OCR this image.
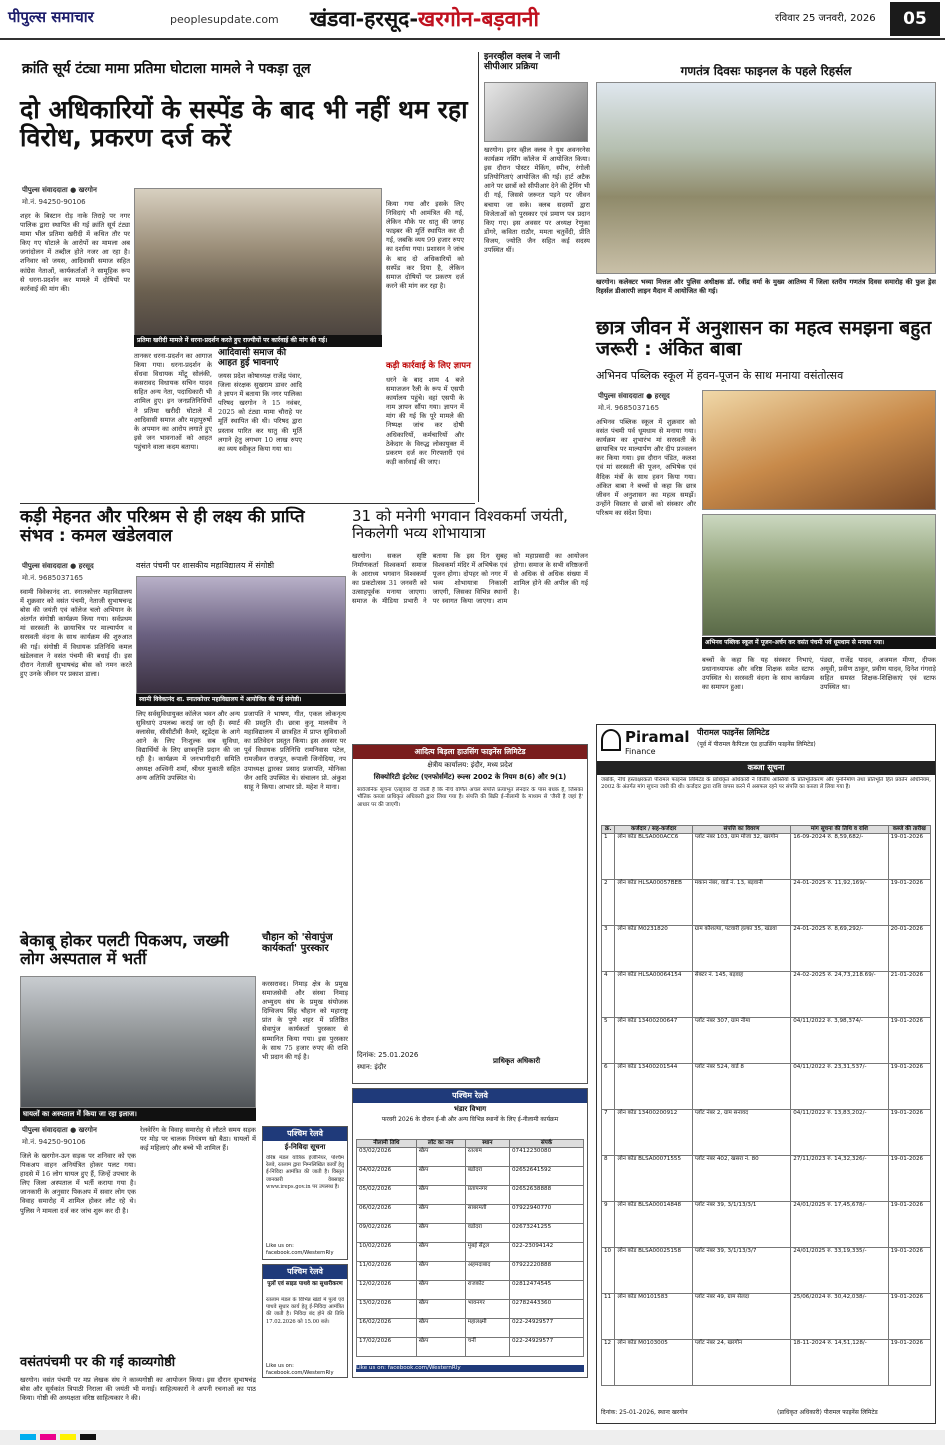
पीपुल्स समाचार	peoplesupdate.com खंडवा-हरसूद-खरगोन-बड़वानी	रविवार 25 जनवरी, 2026	05
क्रांति सूर्य टंट्या मामा प्रतिमा घोटाला मामले ने पकड़ा तूल
दो अधिकारियों के सस्पेंड के बाद भी नहीं थम रहा विरोध, प्रकरण दर्ज करें
पीपुल्स संवाददाता ● खरगोन
मो.नं. 94250-90106
शहर के बिस्टान रोड़ नाके तिराहे पर नगर पालिक द्वारा स्थापित की गई क्रांति सूर्य टंट्या मामा भील प्रतिमा खरीदी में कथित तौर पर किए गए घोटाले के आरोपों का मामला अब जनांदोलन में तब्दील होते नजर आ रहा है। शनिवार को जयस, आदिवासी समाज सहित कांग्रेस नेताओं, कार्यकर्ताओं ने सामूहिक रूप से धरना-प्रदर्शन कर मामले में दोषियों पर कार्रवाई की मांग की।
प्रतिमा खरीदी मामले में धरना-प्रदर्शन करते हुए राज्यीयों पर कार्रवाई की मांग की गई।
तानकर धरना-प्रदर्शन का आगाज किया गया। धरना-प्रदर्शन के सेंधवा विधायक मोंटू सोलंकी, कसरावद विधायक सचिन यादव सहित अन्य नेता, पदाधिकारी भी शामिल हुए। इन जनप्रतिनिधियों ने प्रतिमा खरीदी घोटाले में आदिवासी समाज और महापुरुषों के अपमान का आरोप लगाते हुए इसे जन भावनाओं को आहत पहुंचाने वाला कदम बताया।
आदिवासी समाज की आहत हुई भावनाएं
जयस प्रदेश कोषाध्यक्ष राजेंद्र पंवार, जिला संरक्षक सुखराम डावर आदि ने ज्ञापन में बताया कि नगर पालिका परिषद खरगोन ने 15 नवंबर, 2025 को टंट्या मामा चौराहे पर मूर्ति स्थापित की थी। परिषद द्वारा प्रस्ताव पारित कर घातु की मूर्ति लगाने हेतु लगभग 10 लाख रुपए का व्यय स्वीकृत किया गया था।
किया गया और इसके लिए निविदाएं भी आमंत्रित की गई, लेकिन मौके पर धातु की जगह फाइबर की मूर्ति स्थापित कर दी गई, जबकि व्यय 99 हजार रुपए का दर्शाया गया। प्रशासन ने जांच के बाद दो अधिकारियों को सस्पेंड कर दिया है, लेकिन समाज दोषियों पर प्रकरण दर्ज करने की मांग कर रहा है।
कड़ी कार्रवाई के लिए ज्ञापन
धरने के बाद शाम 4 बजे समाजजन रैली के रूप में एसपी कार्यालय पहुंचे। वहां एसपी के नाम ज्ञापन सौंपा गया। ज्ञापन में मांग की गई कि पूरे मामले की निष्पक्ष जांच कर दोषी अधिकारियों, कर्मचारियों और ठेकेदार के विरुद्ध लोकायुक्त में प्रकरण दर्ज कर गिरफ्तारी एवं कड़ी कार्रवाई की जाए।
इनरव्हील क्लब ने जानी सीपीआर प्रक्रिया
खरगोन। इनर व्हील क्लब ने युथ अवनरनेस कार्यक्रम नर्सिंग कॉलेज में आयोजित किया। इस दौरान पोस्टर मेकिंग, स्पीच, रंगोली प्रतियोगिताएं आयोजित की गईं। हार्ट अटैक आने पर छात्रों को सीपीआर देने की ट्रेनिंग भी दी गई, जिससे जरूरत पड़ने पर जीवन बचाया जा सके। क्लब सदस्यों द्वारा विजेताओं को पुरस्कार एवं प्रमाण पत्र प्रदान किए गए। इस अवसर पर अध्यक्ष रेणुका डोंगरे, कविता राठौर, ममता चतुर्वेदी, प्रीति विजय, ज्योति जैन सहित कई सदस्य उपस्थित थीं।
गणतंत्र दिवसः फाइनल के पहले रिहर्सल
खरगोन। कलेक्टर भव्या मित्तल और पुलिस अधीक्षक डॉ. रवींद्र वर्मा के मुख्य आतिथ्य में जिला स्तरीय गणतंत्र दिवस समारोह की फुल ड्रेस रिहर्सल डीआरपी लाइन मैदान में आयोजित की गई।
छात्र जीवन में अनुशासन का महत्व समझना बहुत जरूरी : अंकित बाबा
अभिनव पब्लिक स्कूल में हवन-पूजन के साथ मनाया वसंतोत्सव
पीपुल्स संवाददाता ● हरसूद
मो.नं. 9685037165
अभिनव पब्लिक स्कूल में शुक्रवार को वसंत पंचमी पर्व धूमधाम से मनाया गया। कार्यक्रम का शुभारंभ मां सरस्वती के छायाचित्र पर माल्यार्पण और दीप प्रज्वलन कर किया गया। इस दौरान पंडित, कलश एवं मां सरस्वती की पूजन, अभिषेक एवं वैदिक मंत्रों के साथ हवन किया गया। अंकित बाबा ने बच्चों से कहा कि छात्र जीवन में अनुशासन का महत्व समझें। उन्होंने विस्तार से छात्रों को संस्कार और परिश्रम का संदेश दिया।
अभिनव पब्लिक स्कूल में पूजन-अर्चन कर वसंत पंचमी पर्व धूमधाम से मनाया गया।
बच्चों के कहा कि यह संस्कार निभाएं, प्रधानाध्यापक और वरिष्ठ शिक्षक समेत स्टाफ उपस्थित थे। सरस्वती वंदना के साथ कार्यक्रम का समापन हुआ।
पंड्या, राजेंद्र यादव, अजमल मीणा, दीपक अयूवी, प्रवीण ठाकुर, प्रवीण यादव, दिनेश गंगराड़े सहित समस्त शिक्षक-शिक्षिकाएं एवं स्टाफ उपस्थित था।
कड़ी मेहनत और परिश्रम से ही लक्ष्य की प्राप्ति संभव : कमल खंडेलवाल
पीपुल्स संवाददाता ● हरसूद
मो.नं. 9685037165
वसंत पंचमी पर शासकीय महाविद्यालय में संगोष्ठी
स्वामी विवेकानंद शा. स्नातकोत्तर महाविद्यालय में आयोजित की गई संगोष्ठी।
स्वामी विवेकानंद शा. स्नातकोत्तर महाविद्यालय में शुक्रवार को वसंत पंचमी, नेताजी सुभाषचन्द्र बोस की जयंती एवं कॉलेज चलो अभियान के अंतर्गत संगोष्ठी कार्यक्रम किया गया। सर्वप्रथम मां सरस्वती के छायाचित्र पर माल्यार्पण व सरस्वती वंदना के साथ कार्यक्रम की शुरुआत की गई। संगोष्ठी में विधायक प्रतिनिधि कमल खंडेलवाल ने वसंत पंचमी की बधाई दी। इस दौरान नेताजी सुभाषचंद्र बोस को नमन करते हुए उनके जीवन पर प्रकाश डाला।
लिए सर्वसुविधायुक्त कॉलेज भवन और अन्य सुविधाएं उपलब्ध कराई जा रही हैं। स्मार्ट क्लासेस, सीसीटीवी कैमरे, स्टूडेंट्स के आगे आने के लिए निःशुल्क सब सुविधा, विद्यार्थियों के लिए छात्रवृत्ति प्रदान की जा रही है। कार्यक्रम में जनभागीदारी समिति अध्यक्ष अश्विनी शर्मा, श्रीधर मुकाती सहित अन्य अतिथि उपस्थित थे।
प्रजापति ने भाषण, गीत, एकल लोकनृत्य की प्रस्तुति दी। छात्रा कुनू मालवीय ने महाविद्यालय में छात्रहित में प्राप्त सुविधाओं का प्रतिवेदन प्रस्तुत किया। इस अवसर पर पूर्व विधायक प्रतिनिधि रामनिवास पटेल, रामजीवन राजपूत, रूपाली जिनोदिया, नप उपाध्यक्ष द्वारका प्रसाद प्रजापति, मोनिका जैन आदि उपस्थित थे। संचालन प्रो. अंकुश साहू ने किया। आभार प्रो. महेश ने माना।
31 को मनेगी भगवान विश्वकर्मा जयंती, निकलेगी भव्य शोभायात्रा
खरगोन। सकल सृष्टि निर्माणकर्ता विश्वकर्मा समाज के आराध्य भगवान विश्वकर्मा का प्रकटोत्सव 31 जनवरी को उत्साहपूर्वक मनाया जाएगा। समाज के मीडिया प्रभारी ने बताया कि इस दिन सुबह विश्वकर्मा मंदिर में अभिषेक एवं पूजन होगा। दोपहर को नगर में भव्य शोभायात्रा निकाली जाएगी, जिसका विभिन्न स्थानों पर स्वागत किया जाएगा। शाम को महाप्रसादी का आयोजन होगा। समाज के सभी वरिष्ठजनों से अधिक से अधिक संख्या में शामिल होने की अपील की गई है।
आदित्य बिड़ला हाउसिंग फाइनेंस लिमिटेड
क्षेत्रीय कार्यालय: इंदौर, मध्य प्रदेश
सिक्योरिटी इंटरेस्ट (एनफोर्समेंट) रूल्स 2002 के नियम 8(6) और 9(1)
सार्वजनिक सूचना एतद्द्वारा दी जाती है कि नीचे वर्णित अचल संपत्ति प्रत्याभूत लेनदार के पास बंधक है, जिसका भौतिक कब्जा प्राधिकृत अधिकारी द्वारा लिया गया है। संपत्ति की बिक्री ई-नीलामी के माध्यम से 'जैसी है जहां है' आधार पर की जाएगी।
दिनांक: 25.01.2026
स्थान: इंदौर
प्राधिकृत अधिकारी
बेकाबू होकर पलटी पिकअप, जख्मी लोग अस्पताल में भर्ती
घायलों का अस्पताल में किया जा रहा इलाज।
पीपुल्स संवाददाता ● खरगोन
मो.नं. 94250-90106
जिले के खरगोन-ऊन सड़क पर शनिवार को एक पिकअप वाहन अनियंत्रित होकर पलट गया। हादसे में 16 लोग घायल हुए हैं, जिन्हें उपचार के लिए जिला अस्पताल में भर्ती कराया गया है। जानकारी के अनुसार पिकअप में सवार लोग एक विवाह समारोह में शामिल होकर लौट रहे थे। पुलिस ने मामला दर्ज कर जांच शुरू कर दी है।
रेलवेरिंग के विवाह समारोह से लौटते समय सड़क पर मोड़ पर चालक नियंत्रण खो बैठा। घायलों में कई महिलाएं और बच्चे भी शामिल हैं।
चौहान को 'सेवापुंज कार्यकर्ता' पुरस्कार
करसरावद। निमाड़ क्षेत्र के प्रमुख समाजसेवी और संस्था निमाड़ अभ्युदय संघ के प्रमुख संयोजक दिग्विजय सिंह चौहान को महाराष्ट्र प्रांत के पुणे शहर में प्रतिष्ठित सेवापुंज कार्यकर्ता पुरस्कार से सम्मानित किया गया। इस पुरस्कार के साथ 75 हजार रुपए की राशि भी प्रदान की गई है।
पश्चिम रेलवे
ई-निविदा सूचना
वरिष्ठ मंडल यांत्रिक इंजीनियर, पश्चिम रेलवे, रतलाम द्वारा निम्नलिखित कार्यों हेतु ई-निविदा आमंत्रित की जाती है। विस्तृत जानकारी वेबसाइट www.ireps.gov.in पर उपलब्ध है।
Like us on: facebook.com/WesternRly
पश्चिम रेलवे
पुलों एवं साइड पाथवे का सुधारीकरण
रतलाम मंडल के विभिन्न खंडों में पुलों एवं पाथवे सुधार कार्य हेतु ई-निविदा आमंत्रित की जाती है। निविदा बंद होने की तिथि 17.02.2026 को 15.00 बजे।
Like us on: facebook.com/WesternRly
पश्चिम रेलवे
भंडार विभाग
फरवरी 2026 के दौरान ई-बी और अन्य विभिन्न स्थानों के लिए ई-नीलामी कार्यक्रम
नीलामी तिथि	लॉट का नाम	स्थान	संपर्क
03/02/2026	स्क्रैप	रतलाम	07412230080
04/02/2026	स्क्रैप	बडोदरा	02652641592
05/02/2026	स्क्रैप	प्रतापनगर	02652638888
06/02/2026	स्क्रैप	साबरमती	07922940770
09/02/2026	स्क्रैप	वडोदरा	02673241255
10/02/2026	स्क्रैप	मुंबई सेंट्रल	022-23094142
11/02/2026	स्क्रैप	अहमदाबाद	07922220888
12/02/2026	स्क्रैप	राजकोट	02812474545
13/02/2026	स्क्रैप	भावनगर	02782443360
16/02/2026	स्क्रैप	महालक्ष्मी	022-24929577
17/02/2026	स्क्रैप	चर्नी	022-24929577
Like us on: facebook.com/WesternRly
वसंतपंचमी पर की गई काव्यगोष्ठी
खरगोन। वसंत पंचमी पर मप्र लेखक संघ ने काव्यगोष्ठी का आयोजन किया। इस दौरान सुभाषचंद्र बोस और सूर्यकांत त्रिपाठी निराला की जयंती भी मनाई। साहित्यकारों ने अपनी रचनाओं का पाठ किया। गोष्ठी की अध्यक्षता वरिष्ठ साहित्यकार ने की।
Piramal
Finance
पीरामल फाइनेंस लिमिटेड
(पूर्व में पीरामल कैपिटल एंड हाउसिंग फाइनेंस लिमिटेड)
कब्जा सूचना
जबकि, नीचे हस्ताक्षरकर्ता पीरामल फाइनेंस लिमिटेड के प्राधिकृत अधिकारी ने वित्तीय आस्तियों के प्रतिभूतिकरण और पुनर्निर्माण तथा प्रतिभूति हित प्रवर्तन अधिनियम, 2002 के अंतर्गत मांग सूचना जारी की थी। कर्जदार द्वारा राशि वापस करने में असफल रहने पर संपत्ति का कब्जा ले लिया गया है।
क्र.	कर्जदार / सह-कर्जदार	संपत्ति का विवरण	मांग सूचना की तिथि व राशि	कब्जे की तारीख
1	लोन कोड BLSA000ACC6	प्लॉट नंबर 103, ग्राम मोजा 32, खरगोन	16-09-2024 रु. 8,59,682/-	19-01-2026
2	लोन कोड HLSA00057BEB	मकान नंबर, वार्ड नं. 13, बड़वानी	24-01-2025 रु. 11,92,169/-	19-01-2026
3	लोन कोड M0231820	ग्राम कौशल्या, पटवारी हल्का 35, खंडवा	24-01-2025 रु. 8,69,292/-	20-01-2026
4	लोन कोड HLSA00064154	सेक्टर नं. 145, बड़वाह	24-02-2025 रु. 24,73,218.69/-	21-01-2026
5	लोन कोड 13400200647	प्लॉट नंबर 307, ग्राम नीमा	04/11/2022 रु. 3,98,374/-	19-01-2026
6	लोन कोड 13400201544	प्लॉट नंबर 524, वार्ड 8	04/11/2022 रु. 23,31,537/-	19-01-2026
7	लोन कोड 13400200912	प्लॉट नंबर 2, ग्राम सनावद	04/11/2022 रु. 13,83,202/-	19-01-2026
8	लोन कोड BLSA00071555	प्लॉट नंबर 402, खसरा नं. 80	27/11/2023 रु. 14,32,326/-	19-01-2026
9	लोन कोड BLSA00014848	प्लॉट नंबर 39, 3/1/13/3/1	24/01/2025 रु. 17,45,678/-	19-01-2026
10	लोन कोड BLSA00025158	प्लॉट नंबर 39, 3/1/13/3/7	24/01/2025 रु. 33,19,335/-	19-01-2026
11	लोन कोड M0101583	प्लॉट नंबर 49, ग्राम सेलदा	25/06/2024 रु. 30,42,038/-	19-01-2026
12	लोन कोड M0103005	प्लॉट नंबर 24, खरगोन	18-11-2024 रु. 14,51,128/-	19-01-2026
दिनांक: 25-01-2026, स्थानः खरगोन	(प्राधिकृत अधिकारी) पीरामल फाइनेंस लिमिटेड
